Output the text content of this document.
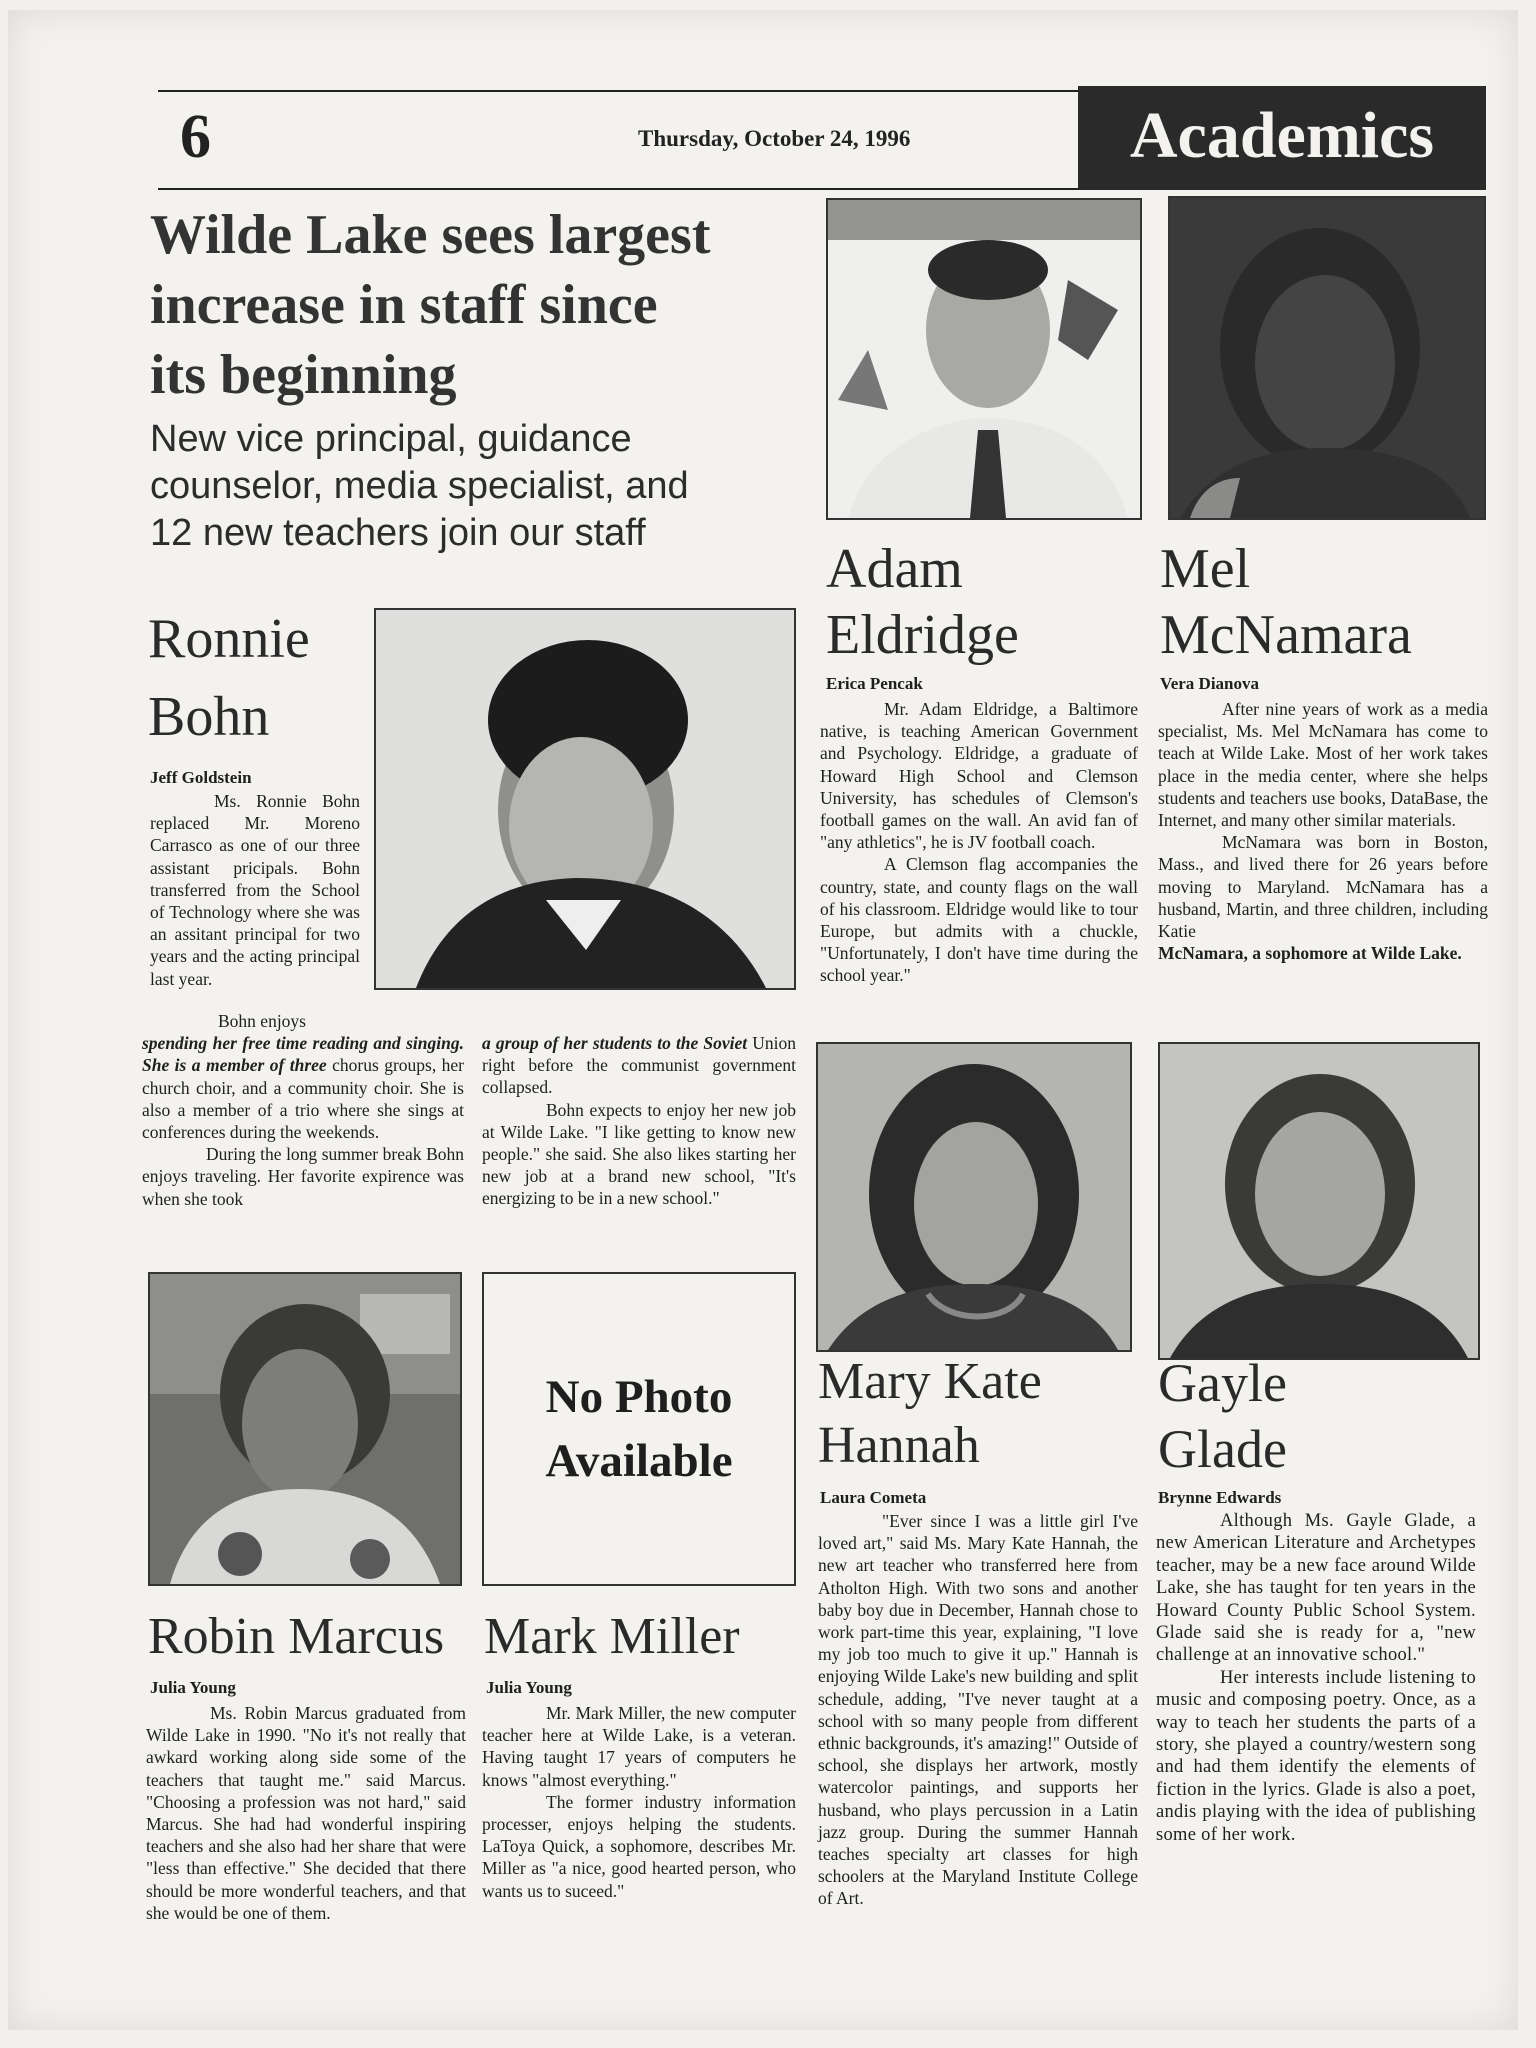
6	Thursday, October 24, 1996	Academics
Wilde Lake sees largest
increase in staff since
its beginning
New vice principal, guidance
counselor, media specialist, and
12 new teachers join our staff
Ronnie
Bohn
Jeff Goldstein

Ms. Ronnie Bohn replaced Mr. Moreno Carrasco as one of our three assistant pricipals. Bohn transferred from the School of Technology where she was an assitant principal for two years and the acting principal last year.

Bohn enjoys

spending her free time reading and singing. She is a member of three chorus groups, her church choir, and a community choir. She is also a member of a trio where she sings at conferences during the weekends.

During the long summer break Bohn enjoys traveling. Her favorite expirence was when she took

a group of her students to the Soviet Union right before the communist government collapsed.

Bohn expects to enjoy her new job at Wilde Lake. "I like getting to know new people." she said. She also likes starting her new job at a brand new school, "It's energizing to be in a new school."

Adam
Eldridge
Erica Pencak

Mr. Adam Eldridge, a Baltimore native, is teaching American Government and Psychology. Eldridge, a graduate of Howard High School and Clemson University, has schedules of Clemson's football games on the wall. An avid fan of "any athletics", he is JV football coach.

A Clemson flag accompanies the country, state, and county flags on the wall of his classroom. Eldridge would like to tour Europe, but admits with a chuckle, "Unfortunately, I don't have time during the school year."

Mel
McNamara
Vera Dianova

After nine years of work as a media specialist, Ms. Mel McNamara has come to teach at Wilde Lake. Most of her work takes place in the media center, where she helps students and teachers use books, DataBase, the Internet, and many other similar materials.

McNamara was born in Boston, Mass., and lived there for 26 years before moving to Maryland. McNamara has a husband, Martin, and three children, including Katie

McNamara, a sophomore at Wilde Lake.

Robin Marcus
Julia Young

Ms. Robin Marcus graduated from Wilde Lake in 1990. "No it's not really that awkard working along side some of the teachers that taught me." said Marcus. "Choosing a profession was not hard," said Marcus. She had had wonderful inspiring teachers and she also had her share that were "less than effective." She decided that there should be more wonderful teachers, and that she would be one of them.

No Photo
Available
Mark Miller
Julia Young

Mr. Mark Miller, the new computer teacher here at Wilde Lake, is a veteran. Having taught 17 years of computers he knows "almost everything."

The former industry information processer, enjoys helping the students. LaToya Quick, a sophomore, describes Mr. Miller as "a nice, good hearted person, who wants us to suceed."

Mary Kate
Hannah
Laura Cometa

"Ever since I was a little girl I've loved art," said Ms. Mary Kate Hannah, the new art teacher who transferred here from Atholton High. With two sons and another baby boy due in December, Hannah chose to work part-time this year, explaining, "I love my job too much to give it up." Hannah is enjoying Wilde Lake's new building and split schedule, adding, "I've never taught at a school with so many people from different ethnic backgrounds, it's amazing!" Outside of school, she displays her artwork, mostly watercolor paintings, and supports her husband, who plays percussion in a Latin jazz group. During the summer Hannah teaches specialty art classes for high schoolers at the Maryland Institute College of Art.

Gayle
Glade
Brynne Edwards

Although Ms. Gayle Glade, a new American Literature and Archetypes teacher, may be a new face around Wilde Lake, she has taught for ten years in the Howard County Public School System. Glade said she is ready for a, "new challenge at an innovative school."

Her interests include listening to music and composing poetry. Once, as a way to teach her students the parts of a story, she played a country/western song and had them identify the elements of fiction in the lyrics. Glade is also a poet, andis playing with the idea of publishing some of her work.
